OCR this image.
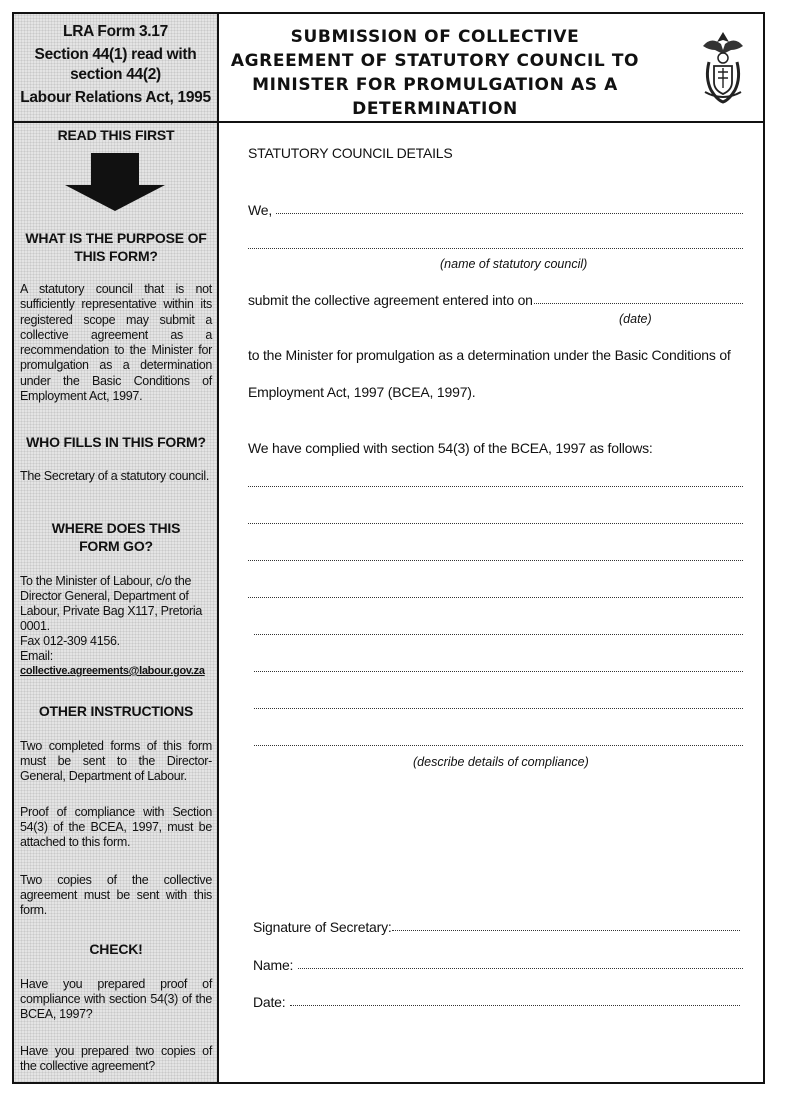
LRA Form 3.17
Section 44(1) read with
section 44(2)
Labour Relations Act, 1995
SUBMISSION OF COLLECTIVE
AGREEMENT OF STATUTORY COUNCIL TO
MINISTER FOR PROMULGATION AS A
DETERMINATION
READ THIS FIRST
WHAT IS THE PURPOSE OF
THIS FORM?
A statutory council that is not sufficiently representative within its registered scope may submit a collective agreement as a recommendation to the Minister for promulgation as a determination under the Basic Conditions of Employment Act, 1997.
WHO FILLS IN THIS FORM?
The Secretary of a statutory council.
WHERE DOES THIS
FORM GO?
To the Minister of Labour, c/o the Director General, Department of Labour, Private Bag X117, Pretoria 0001.
Fax 012-309 4156.
Email:
collective.agreements@labour.gov.za
OTHER INSTRUCTIONS
Two completed forms of this form must be sent to the Director-General, Department of Labour.
Proof of compliance with Section 54(3) of the BCEA, 1997, must be attached to this form.
Two copies of the collective agreement must be sent with this form.
CHECK!
Have you prepared proof of compliance with section 54(3) of the BCEA, 1997?
Have you prepared two copies of the collective agreement?
STATUTORY COUNCIL DETAILS
We,
(name of statutory council)
submit the collective agreement entered into on
(date)
to the Minister for promulgation as a determination under the Basic Conditions of
Employment Act, 1997 (BCEA, 1997).
We have complied with section 54(3) of the BCEA, 1997 as follows:
(describe details of compliance)
Signature of Secretary:
Name:
Date:
